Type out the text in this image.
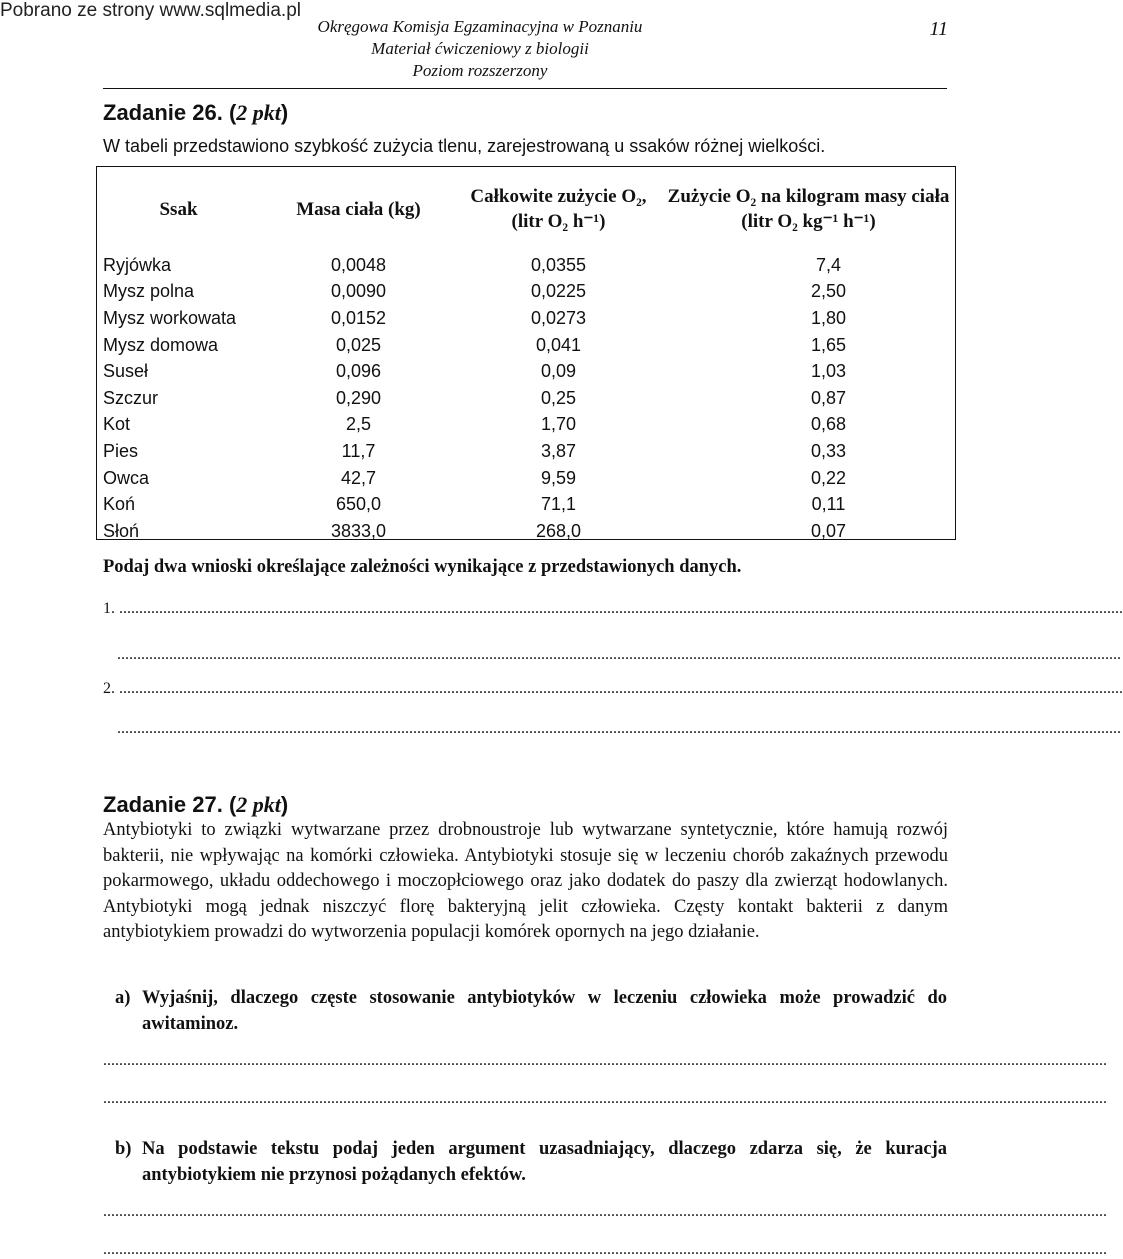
Pobrano ze strony www.sqlmedia.pl
Okręgowa Komisja Egzaminacyjna w Poznaniu
Materiał ćwiczeniowy z biologii
Poziom rozszerzony
11
Zadanie 26. (2 pkt)
W tabeli przedstawiono szybkość zużycia tlenu, zarejestrowaną u ssaków różnej wielkości.
Ssak	Masa ciała (kg)	Całkowite zużycie O₂, (litr O₂ h⁻¹)	Zużycie O₂ na kilogram masy ciała (litr O₂ kg⁻¹ h⁻¹)
Ryjówka	0,0048	0,0355	7,4
Mysz polna	0,0090	0,0225	2,50
Mysz workowata	0,0152	0,0273	1,80
Mysz domowa	0,025	0,041	1,65
Suseł	0,096	0,09	1,03
Szczur	0,290	0,25	0,87
Kot	2,5	1,70	0,68
Pies	11,7	3,87	0,33
Owca	42,7	9,59	0,22
Koń	650,0	71,1	0,11
Słoń	3833,0	268,0	0,07
Podaj dwa wnioski określające zależności wynikające z przedstawionych danych.
1. ...........................................................................................................................................................................................................................................................
...........................................................................................................................................................................................................................................................
2. ...........................................................................................................................................................................................................................................................
...........................................................................................................................................................................................................................................................
Zadanie 27. (2 pkt)
Antybiotyki to związki wytwarzane przez drobnoustroje lub wytwarzane syntetycznie, które hamują rozwój bakterii, nie wpływając na komórki człowieka. Antybiotyki stosuje się w leczeniu chorób zakaźnych przewodu pokarmowego, układu oddechowego i moczopłciowego oraz jako dodatek do paszy dla zwierząt hodowlanych. Antybiotyki mogą jednak niszczyć florę bakteryjną jelit człowieka. Częsty kontakt bakterii z danym antybiotykiem prowadzi do wytworzenia populacji komórek opornych na jego działanie.
a) Wyjaśnij, dlaczego częste stosowanie antybiotyków w leczeniu człowieka może prowadzić do awitaminoz.
...........................................................................................................................................................................................................................................................
...........................................................................................................................................................................................................................................................
b) Na podstawie tekstu podaj jeden argument uzasadniający, dlaczego zdarza się, że kuracja antybiotykiem nie przynosi pożądanych efektów.
...........................................................................................................................................................................................................................................................
...........................................................................................................................................................................................................................................................
